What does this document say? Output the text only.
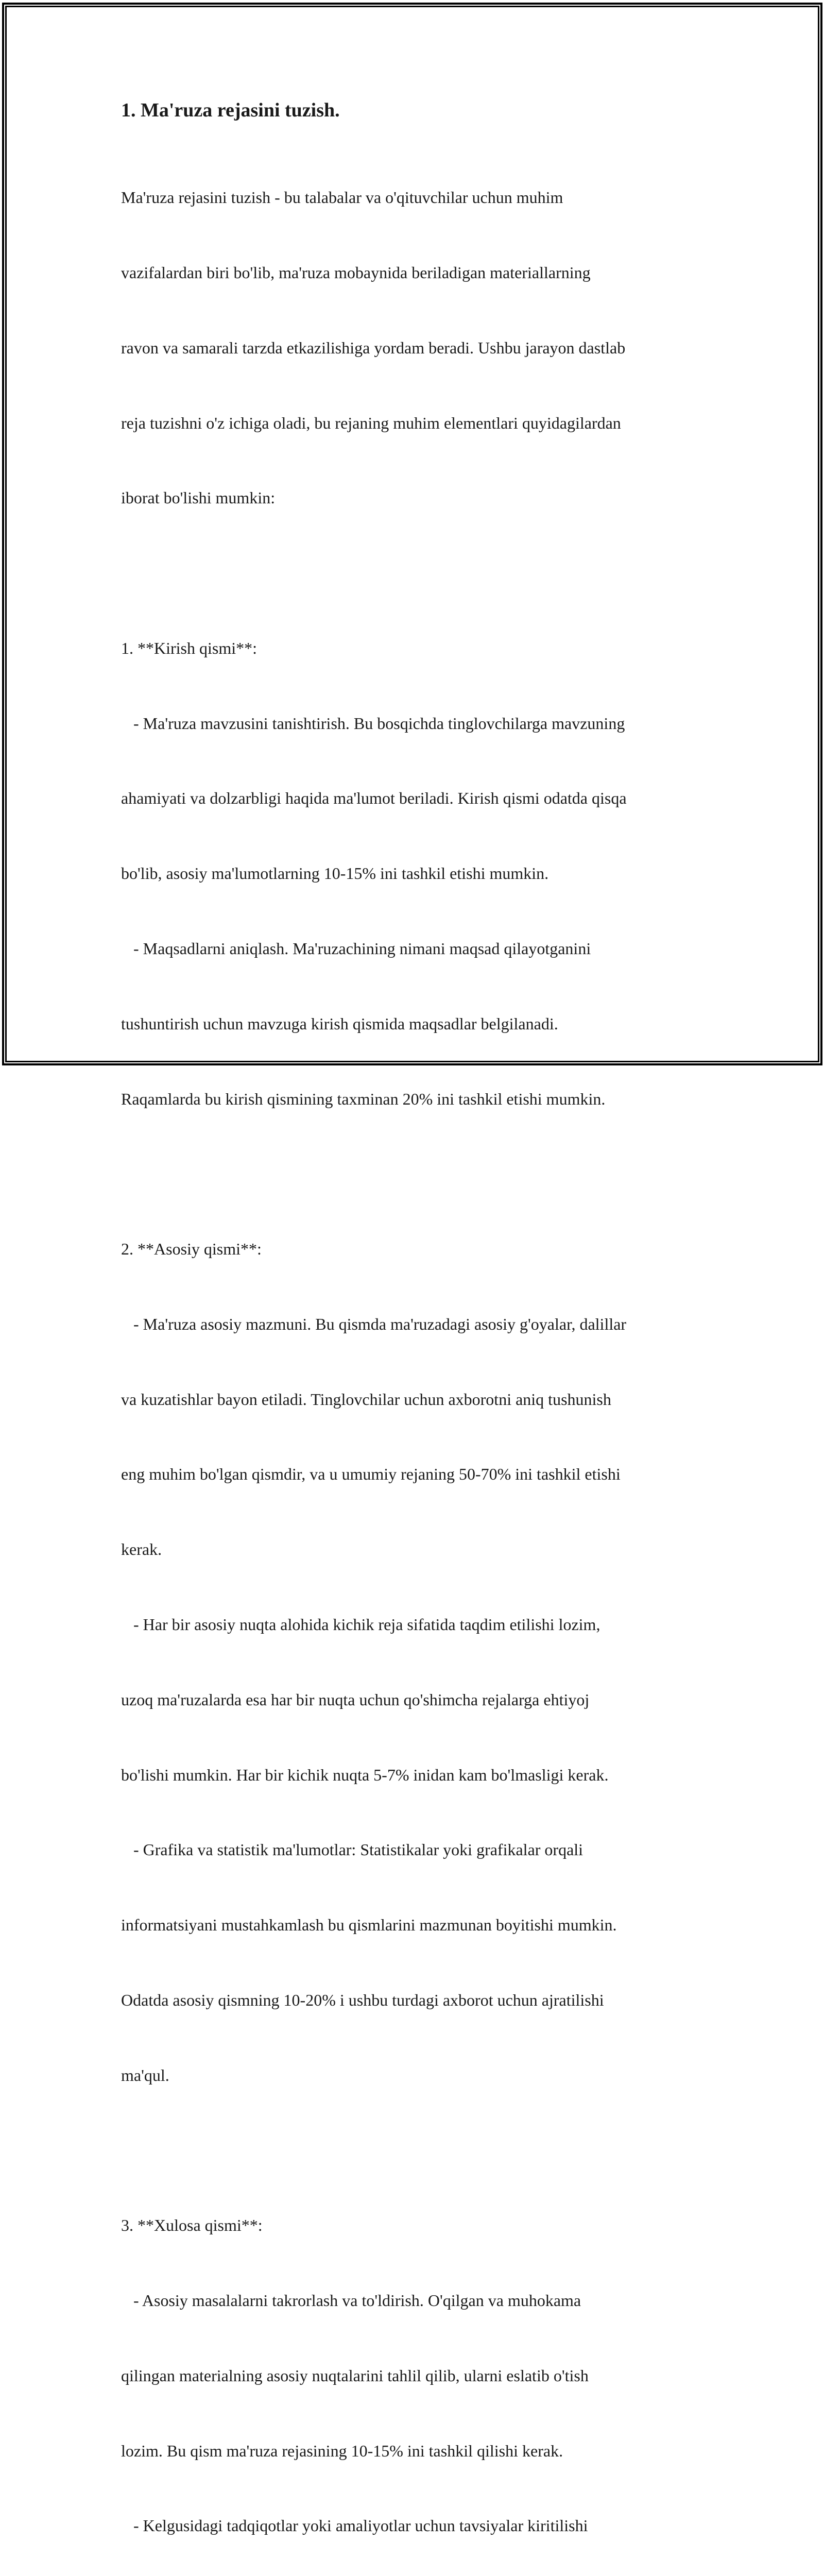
1. Ma'ruza rejasini tuzish.

Ma'ruza rejasini tuzish - bu talabalar va o'qituvchilar uchun muhim

vazifalardan biri bo'lib, ma'ruza mobaynida beriladigan materiallarning

ravon va samarali tarzda etkazilishiga yordam beradi. Ushbu jarayon dastlab

reja tuzishni o'z ichiga oladi, bu rejaning muhim elementlari quyidagilardan

iborat bo'lishi mumkin:

1. **Kirish qismi**:

- Ma'ruza mavzusini tanishtirish. Bu bosqichda tinglovchilarga mavzuning

ahamiyati va dolzarbligi haqida ma'lumot beriladi. Kirish qismi odatda qisqa

bo'lib, asosiy ma'lumotlarning 10-15% ini tashkil etishi mumkin.

- Maqsadlarni aniqlash. Ma'ruzachining nimani maqsad qilayotganini

tushuntirish uchun mavzuga kirish qismida maqsadlar belgilanadi.

Raqamlarda bu kirish qismining taxminan 20% ini tashkil etishi mumkin.

2. **Asosiy qismi**:

- Ma'ruza asosiy mazmuni. Bu qismda ma'ruzadagi asosiy g'oyalar, dalillar

va kuzatishlar bayon etiladi. Tinglovchilar uchun axborotni aniq tushunish

eng muhim bo'lgan qismdir, va u umumiy rejaning 50-70% ini tashkil etishi

kerak.

- Har bir asosiy nuqta alohida kichik reja sifatida taqdim etilishi lozim,

uzoq ma'ruzalarda esa har bir nuqta uchun qo'shimcha rejalarga ehtiyoj

bo'lishi mumkin. Har bir kichik nuqta 5-7% inidan kam bo'lmasligi kerak.

- Grafika va statistik ma'lumotlar: Statistikalar yoki grafikalar orqali

informatsiyani mustahkamlash bu qismlarini mazmunan boyitishi mumkin.

Odatda asosiy qismning 10-20% i ushbu turdagi axborot uchun ajratilishi

ma'qul.

3. **Xulosa qismi**:

- Asosiy masalalarni takrorlash va to'ldirish. O'qilgan va muhokama

qilingan materialning asosiy nuqtalarini tahlil qilib, ularni eslatib o'tish

lozim. Bu qism ma'ruza rejasining 10-15% ini tashkil qilishi kerak.

- Kelgusidagi tadqiqotlar yoki amaliyotlar uchun tavsiyalar kiritilishi
